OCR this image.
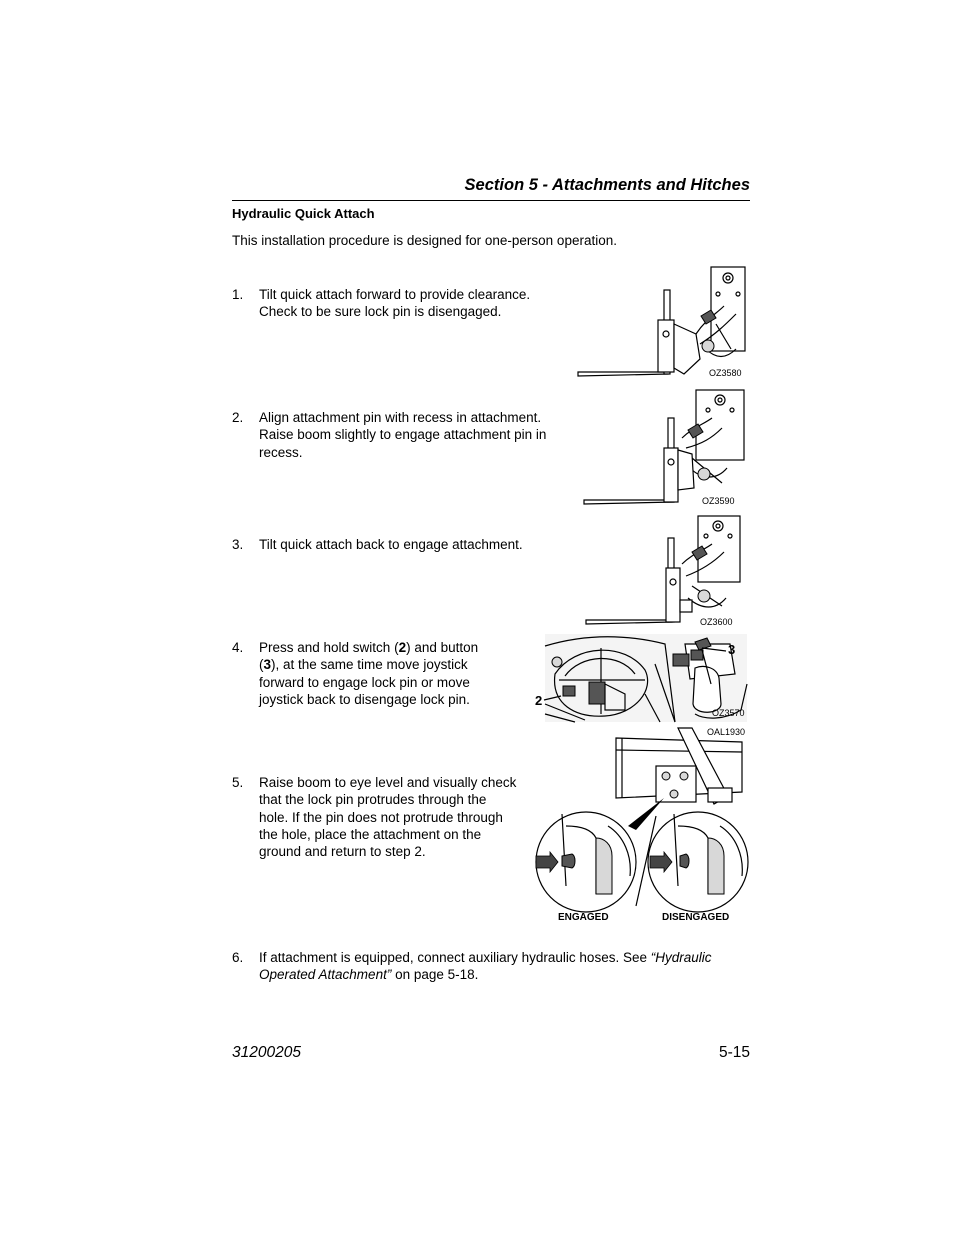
Section 5 - Attachments and Hitches
Hydraulic Quick Attach
This installation procedure is designed for one-person operation.
1. Tilt quick attach forward to provide clearance.
Check to be sure lock pin is disengaged.
OZ3580
2. Align attachment pin with recess in attachment.
Raise boom slightly to engage attachment pin in
recess.
OZ3590
3. Tilt quick attach back to engage attachment.
OZ3600
4. Press and hold switch (2) and button
(3), at the same time move joystick
forward to engage lock pin or move
joystick back to disengage lock pin.	2
3
OZ3570
5. Raise boom to eye level and visually check
that the lock pin protrudes through the
hole. If the pin does not protrude through
the hole, place the attachment on the
ground and return to step 2.
OAL1930
ENGAGED	DISENGAGED
6. If attachment is equipped, connect auxiliary hydraulic hoses. See “Hydraulic
Operated Attachment” on page 5-18.
31200205	5-15
